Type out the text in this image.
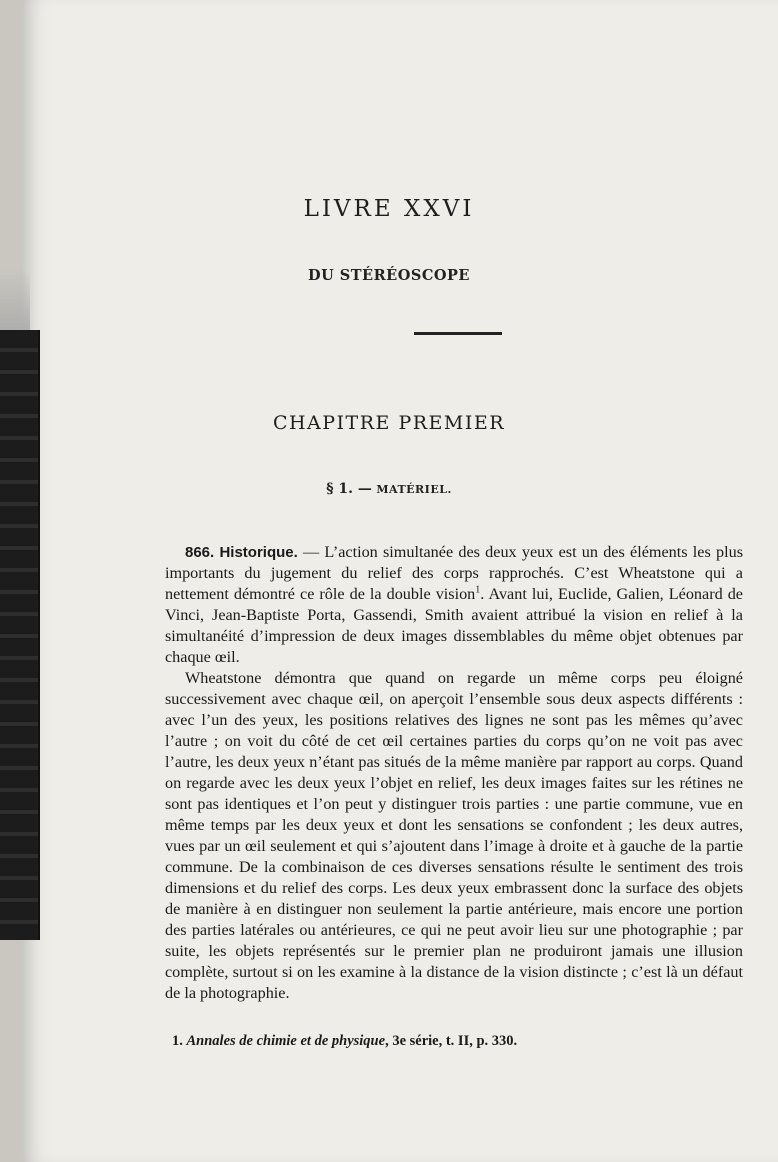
LIVRE XXVI
DU STÉRÉOSCOPE
CHAPITRE PREMIER
§ 1. — MATÉRIEL.

866. Historique. — L’action simultanée des deux yeux est un des éléments les plus importants du jugement du relief des corps rapprochés. C’est Wheatstone qui a nettement démontré ce rôle de la double vision$^1$. Avant lui, Euclide, Galien, Léonard de Vinci, Jean-Baptiste Porta, Gassendi, Smith avaient attribué la vision en relief à la simultanéité d’impression de deux images dissemblables du même objet obtenues par chaque œil.

Wheatstone démontra que quand on regarde un même corps peu éloigné successivement avec chaque œil, on aperçoit l’ensemble sous deux aspects différents : avec l’un des yeux, les positions relatives des lignes ne sont pas les mêmes qu’avec l’autre ; on voit du côté de cet œil certaines parties du corps qu’on ne voit pas avec l’autre, les deux yeux n’étant pas situés de la même manière par rapport au corps. Quand on regarde avec les deux yeux l’objet en relief, les deux images faites sur les rétines ne sont pas identiques et l’on peut y distinguer trois parties : une partie commune, vue en même temps par les deux yeux et dont les sensations se confondent ; les deux autres, vues par un œil seulement et qui s’ajoutent dans l’image à droite et à gauche de la partie commune. De la combinaison de ces diverses sensations résulte le sentiment des trois dimensions et du relief des corps. Les deux yeux embrassent donc la surface des objets de manière à en distinguer non seulement la partie antérieure, mais encore une portion des parties latérales ou antérieures, ce qui ne peut avoir lieu sur une photographie ; par suite, les objets représentés sur le premier plan ne produiront jamais une illusion complète, surtout si on les examine à la distance de la vision distincte ; c’est là un défaut de la photographie.

1. Annales de chimie et de physique, 3e série, t. II, p. 330.
